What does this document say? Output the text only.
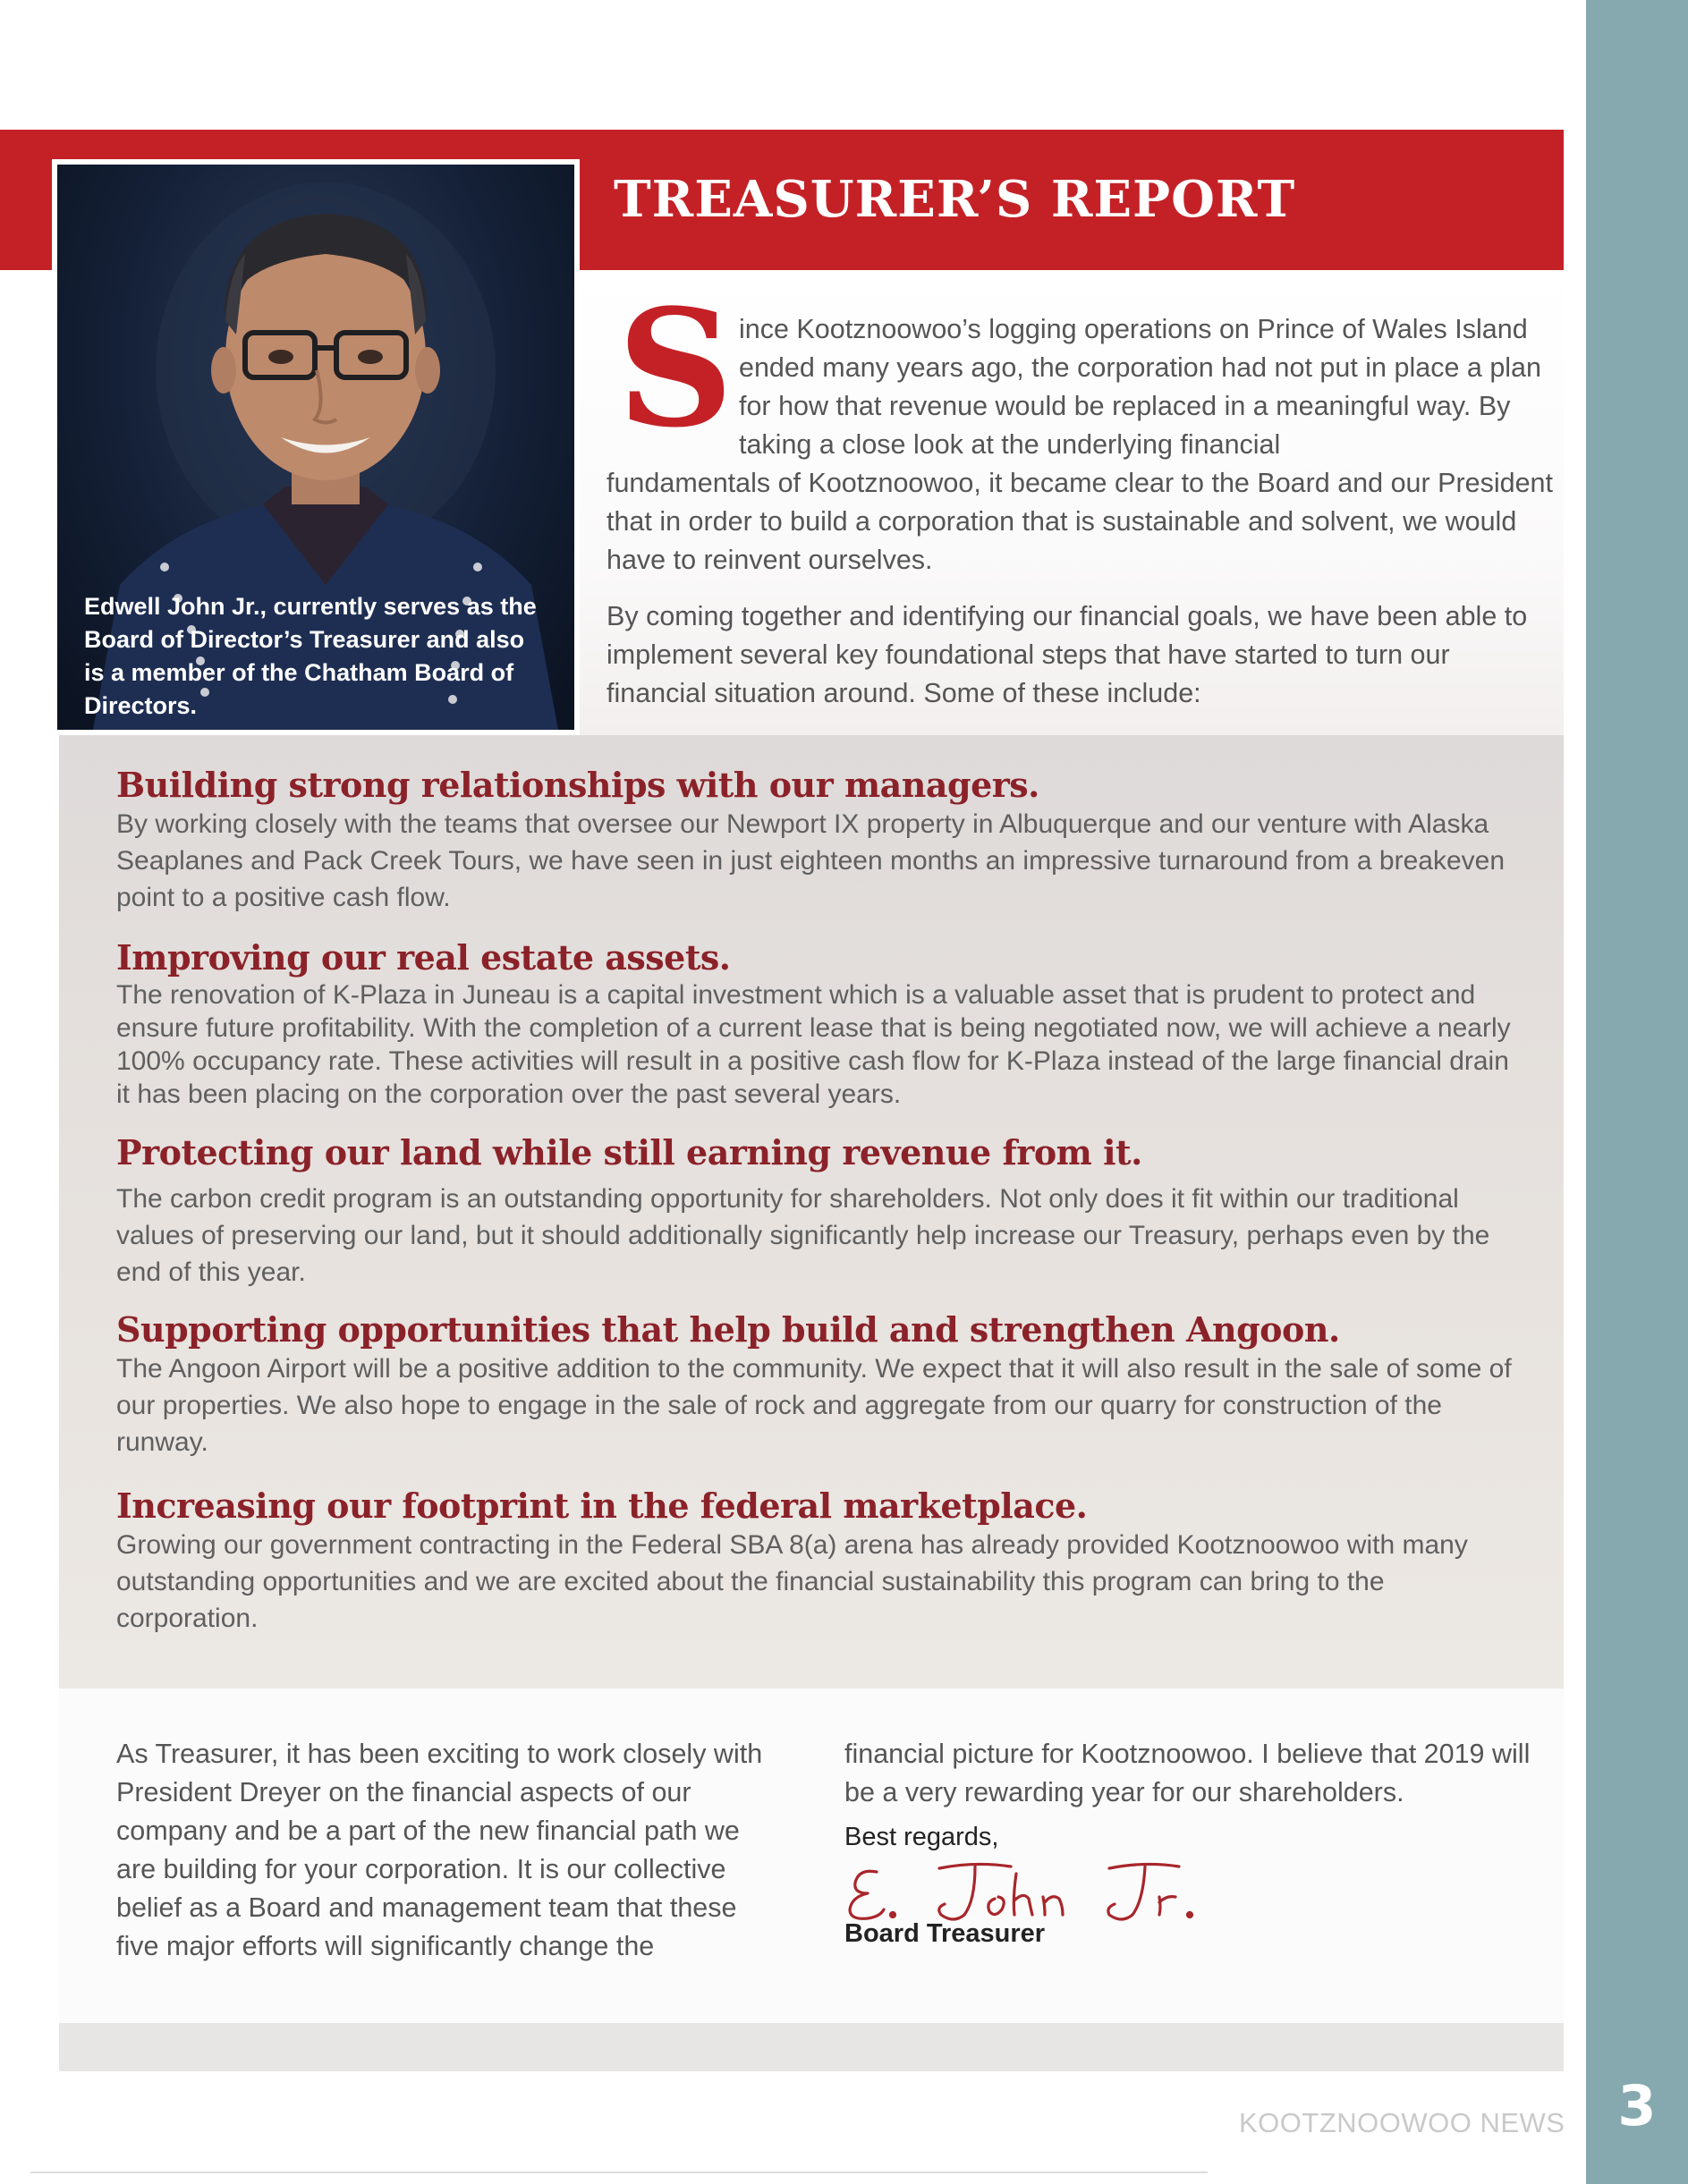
3
TREASURER’S REPORT
Edwell John Jr., currently serves as the Board of Director’s Treasurer and also is a member of the Chatham Board of Directors.
S ince Kootznoowoo’s logging operations on Prince of Wales Island ended many years ago, the corporation had not put in place a plan for how that revenue would be replaced in a meaningful way. By taking a close look at the underlying financial
fundamentals of Kootznoowoo, it became clear to the Board and our President that in order to build a corporation that is sustainable and solvent, we would have to reinvent ourselves.
By coming together and identifying our financial goals, we have been able to implement several key foundational steps that have started to turn our financial situation around. Some of these include:
Building strong relationships with our managers.

By working closely with the teams that oversee our Newport IX property in Albuquerque and our venture with Alaska Seaplanes and Pack Creek Tours, we have seen in just eighteen months an impressive turnaround from a breakeven point to a positive cash flow.

Improving our real estate assets.

The renovation of K-Plaza in Juneau is a capital investment which is a valuable asset that is prudent to protect and ensure future profitability. With the completion of a current lease that is being negotiated now, we will achieve a nearly 100% occupancy rate. These activities will result in a positive cash flow for K-Plaza instead of the large financial drain it has been placing on the corporation over the past several years.

Protecting our land while still earning revenue from it.

The carbon credit program is an outstanding opportunity for shareholders. Not only does it fit within our traditional values of preserving our land, but it should additionally significantly help increase our Treasury, perhaps even by the end of this year.

Supporting opportunities that help build and strengthen Angoon.

The Angoon Airport will be a positive addition to the community. We expect that it will also result in the sale of some of our properties. We also hope to engage in the sale of rock and aggregate from our quarry for construction of the runway.

Increasing our footprint in the federal marketplace.

Growing our government contracting in the Federal SBA 8(a) arena has already provided Kootznoowoo with many outstanding opportunities and we are excited about the financial sustainability this program can bring to the corporation.

As Treasurer, it has been exciting to work closely with President Dreyer on the financial aspects of our company and be a part of the new financial path we are building for your corporation. It is our collective belief as a Board and management team that these five major efforts will significantly change the
financial picture for Kootznoowoo. I believe that 2019 will be a very rewarding year for our shareholders.
Best regards,
Board Treasurer
KOOTZNOOWOO NEWS
